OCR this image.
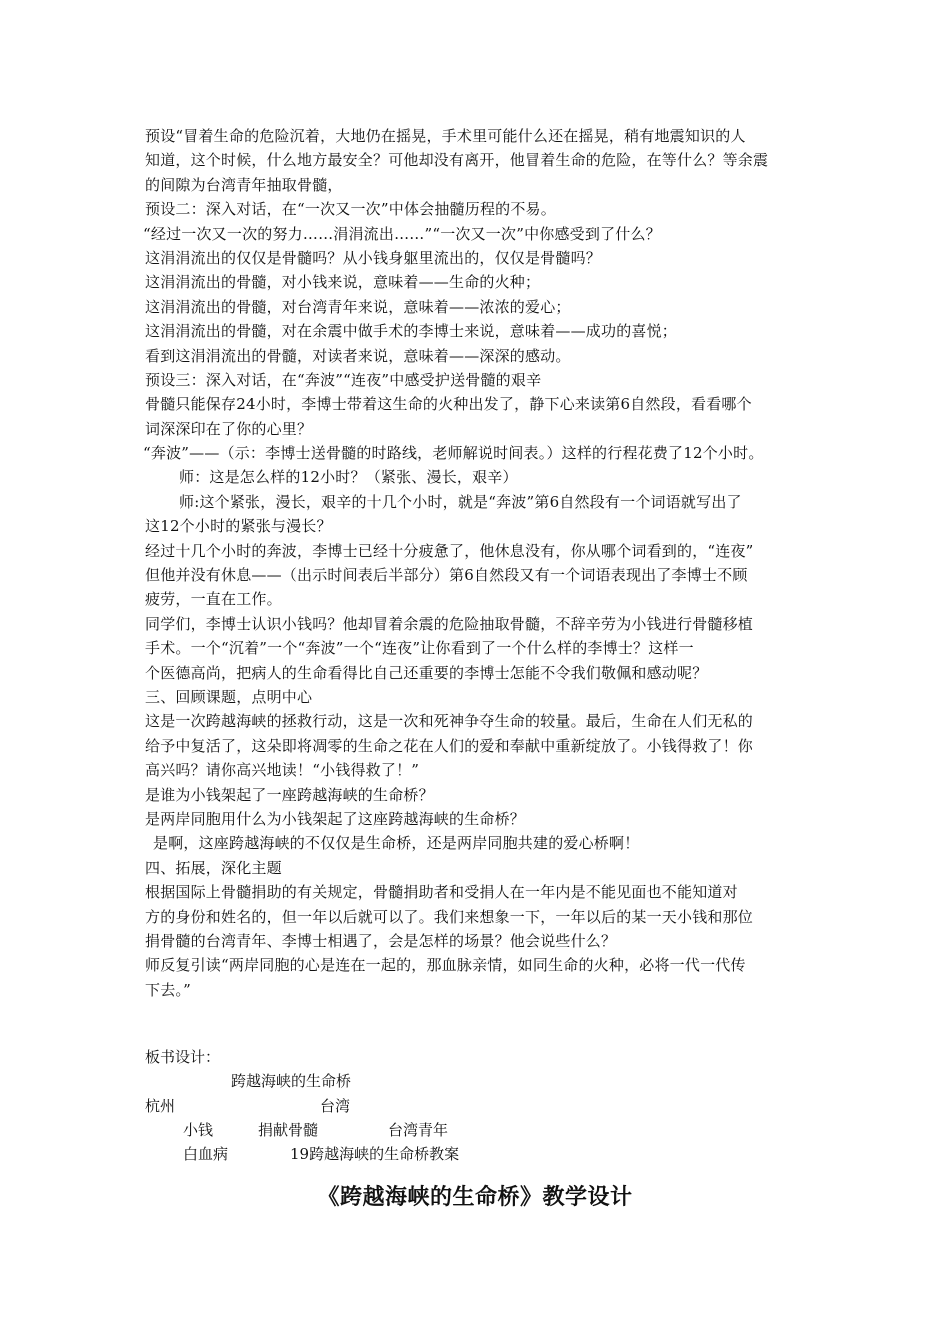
预设“冒着生命的危险沉着，大地仍在摇晃，手术里可能什么还在摇晃，稍有地震知识的人
知道，这个时候，什么地方最安全？可他却没有离开，他冒着生命的危险，在等什么？等余震
的间隙为台湾青年抽取骨髓，
预设二：深入对话，在“一次又一次”中体会抽髓历程的不易。
“经过一次又一次的努力……涓涓流出……”“一次又一次”中你感受到了什么？
这涓涓流出的仅仅是骨髓吗？从小钱身躯里流出的，仅仅是骨髓吗？
这涓涓流出的骨髓，对小钱来说，意味着——生命的火种；
这涓涓流出的骨髓，对台湾青年来说，意味着——浓浓的爱心；
这涓涓流出的骨髓，对在余震中做手术的李博士来说，意味着——成功的喜悦；
看到这涓涓流出的骨髓，对读者来说，意味着——深深的感动。
预设三：深入对话，在“奔波”“连夜”中感受护送骨髓的艰辛
骨髓只能保存24小时，李博士带着这生命的火种出发了，静下心来读第6自然段，看看哪个
词深深印在了你的心里？
“奔波”——（示：李博士送骨髓的时路线，老师解说时间表。）这样的行程花费了12个小时。
师：这是怎么样的12小时？（紧张、漫长，艰辛）
师:这个紧张，漫长，艰辛的十几个小时，就是“奔波”第6自然段有一个词语就写出了
这12个小时的紧张与漫长？
经过十几个小时的奔波，李博士已经十分疲惫了，他休息没有，你从哪个词看到的，“连夜”
但他并没有休息——（出示时间表后半部分）第6自然段又有一个词语表现出了李博士不顾
疲劳，一直在工作。
同学们，李博士认识小钱吗？他却冒着余震的危险抽取骨髓，不辞辛劳为小钱进行骨髓移植
手术。一个“沉着”一个“奔波”一个“连夜”让你看到了一个什么样的李博士？这样一
个医德高尚，把病人的生命看得比自己还重要的李博士怎能不令我们敬佩和感动呢？
三、回顾课题，点明中心
这是一次跨越海峡的拯救行动，这是一次和死神争夺生命的较量。最后，生命在人们无私的
给予中复活了，这朵即将凋零的生命之花在人们的爱和奉献中重新绽放了。小钱得救了！你
高兴吗？请你高兴地读！“小钱得救了！”
是谁为小钱架起了一座跨越海峡的生命桥？
是两岸同胞用什么为小钱架起了这座跨越海峡的生命桥？
是啊，这座跨越海峡的不仅仅是生命桥，还是两岸同胞共建的爱心桥啊！
四、拓展，深化主题
根据国际上骨髓捐助的有关规定，骨髓捐助者和受捐人在一年内是不能见面也不能知道对
方的身份和姓名的，但一年以后就可以了。我们来想象一下，一年以后的某一天小钱和那位
捐骨髓的台湾青年、李博士相遇了，会是怎样的场景？他会说些什么？
师反复引读“两岸同胞的心是连在一起的，那血脉亲情，如同生命的火种，必将一代一代传
下去。”
板书设计：
跨越海峡的生命桥
杭州	台湾
小钱	捐献骨髓	台湾青年
白血病	19跨越海峡的生命桥教案
《跨越海峡的生命桥》教学设计
